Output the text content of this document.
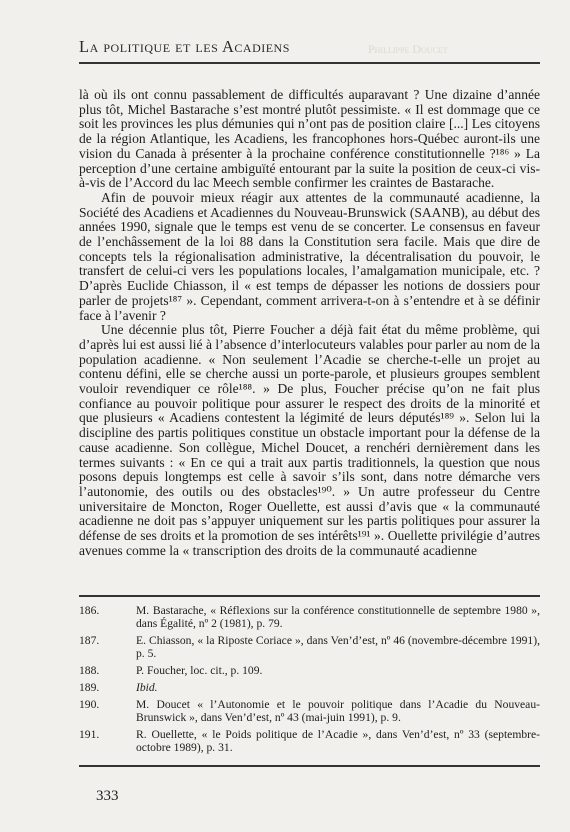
La politique et les Acadiens	Phillippe Doucet

là où ils ont connu passablement de difficultés auparavant ? Une dizaine d’année plus tôt, Michel Bastarache s’est montré plutôt pessimiste. « Il est dommage que ce soit les provinces les plus démunies qui n’ont pas de position claire [...] Les citoyens de la région Atlantique, les Acadiens, les francophones hors-Québec auront-ils une vision du Canada à présenter à la prochaine conférence constitutionnelle ?¹⁸⁶ » La perception d’une certaine ambiguïté entourant par la suite la position de ceux-ci vis-à-vis de l’Accord du lac Meech semble confirmer les craintes de Bastarache.

Afin de pouvoir mieux réagir aux attentes de la communauté acadienne, la Société des Acadiens et Acadiennes du Nouveau-Brunswick (SAANB), au début des années 1990, signale que le temps est venu de se concerter. Le consensus en faveur de l’enchâssement de la loi 88 dans la Constitution sera facile. Mais que dire de concepts tels la régionalisation administrative, la décentralisation du pouvoir, le transfert de celui-ci vers les populations locales, l’amalgamation municipale, etc. ? D’après Euclide Chiasson, il « est temps de dépasser les notions de dossiers pour parler de projets¹⁸⁷ ». Cependant, comment arrivera-t-on à s’entendre et à se définir face à l’avenir ?

Une décennie plus tôt, Pierre Foucher a déjà fait état du même problème, qui d’après lui est aussi lié à l’absence d’interlocuteurs valables pour parler au nom de la population acadienne. « Non seulement l’Acadie se cherche-t-elle un projet au contenu défini, elle se cherche aussi un porte-parole, et plusieurs groupes semblent vouloir revendiquer ce rôle¹⁸⁸. » De plus, Foucher précise qu’on ne fait plus confiance au pouvoir politique pour assurer le respect des droits de la minorité et que plusieurs « Acadiens contestent la légimité de leurs députés¹⁸⁹ ». Selon lui la discipline des partis politiques constitue un obstacle important pour la défense de la cause acadienne. Son collègue, Michel Doucet, a renchéri dernièrement dans les termes suivants : « En ce qui a trait aux partis traditionnels, la question que nous posons depuis longtemps est celle à savoir s’ils sont, dans notre démarche vers l’autonomie, des outils ou des obstacles¹⁹⁰. » Un autre professeur du Centre universitaire de Moncton, Roger Ouellette, est aussi d’avis que « la communauté acadienne ne doit pas s’appuyer uniquement sur les partis politiques pour assurer la défense de ses droits et la promotion de ses intérêts¹⁹¹ ». Ouellette privilégie d’autres avenues comme la « transcription des droits de la communauté acadienne

186.	M. Bastarache, « Réflexions sur la conférence constitutionnelle de septembre 1980 », dans Égalité, nº 2 (1981), p. 79.
187.	E. Chiasson, « la Riposte Coriace », dans Ven’d’est, nº 46 (novembre-décembre 1991), p. 5.
188.	P. Foucher, loc. cit., p. 109.
189.	Ibid.
190.	M. Doucet « l’Autonomie et le pouvoir politique dans l’Acadie du Nouveau-Brunswick », dans Ven’d’est, nº 43 (mai-juin 1991), p. 9.
191.	R. Ouellette, « le Poids politique de l’Acadie », dans Ven’d’est, nº 33 (septembre-octobre 1989), p. 31.
333
